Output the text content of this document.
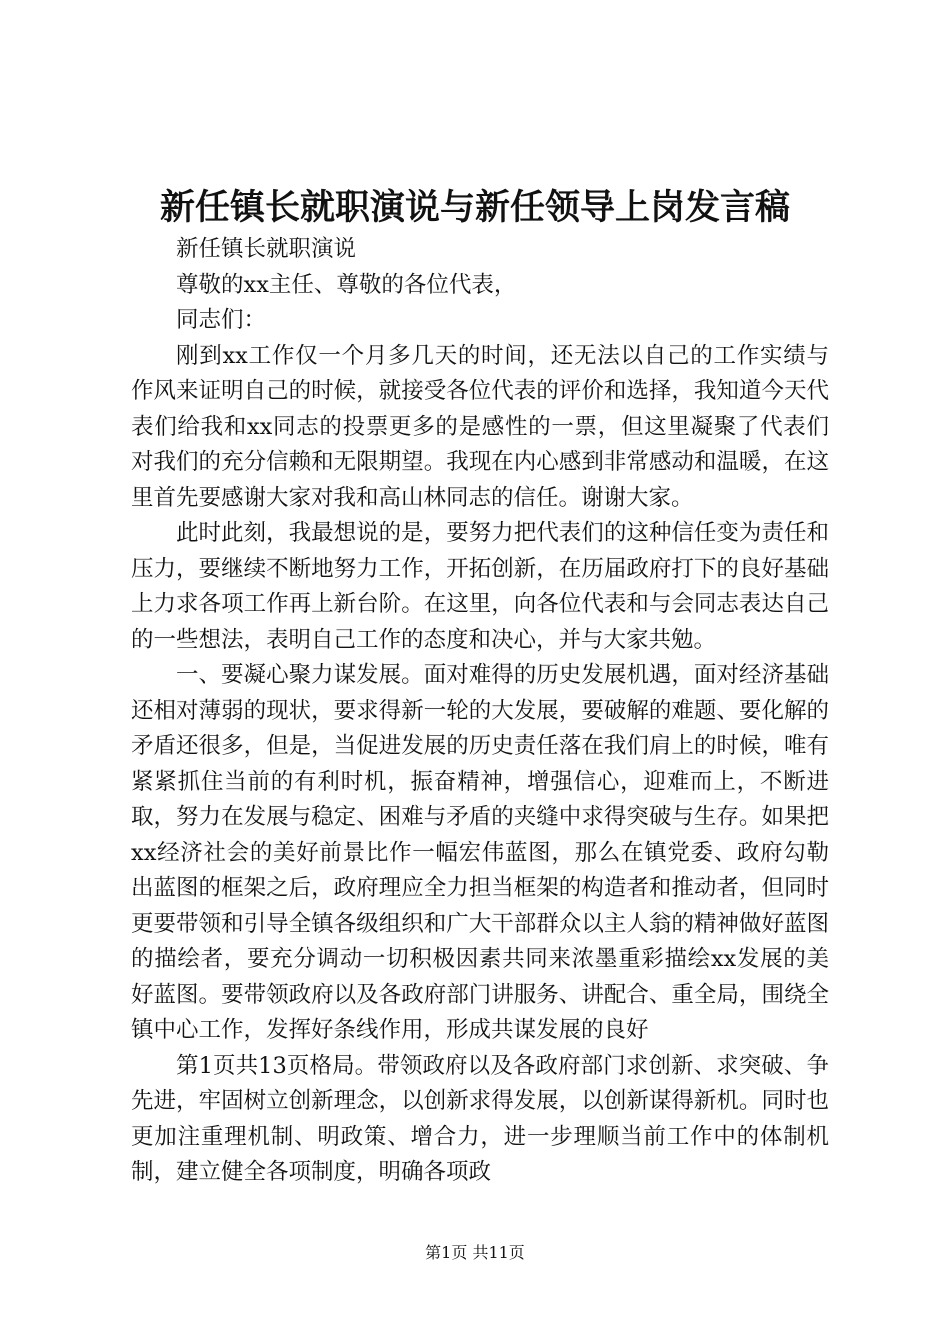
新任镇长就职演说与新任领导上岗发言稿

新任镇长就职演说

尊敬的xx主任、尊敬的各位代表，

同志们：

刚到xx工作仅一个月多几天的时间，还无法以自己的工作实绩与作风来证明自己的时候，就接受各位代表的评价和选择，我知道今天代表们给我和xx同志的投票更多的是感性的一票，但这里凝聚了代表们对我们的充分信赖和无限期望。我现在内心感到非常感动和温暖，在这里首先要感谢大家对我和高山林同志的信任。谢谢大家。

此时此刻，我最想说的是，要努力把代表们的这种信任变为责任和压力，要继续不断地努力工作，开拓创新，在历届政府打下的良好基础上力求各项工作再上新台阶。在这里，向各位代表和与会同志表达自己的一些想法，表明自己工作的态度和决心，并与大家共勉。

一、要凝心聚力谋发展。面对难得的历史发展机遇，面对经济基础还相对薄弱的现状，要求得新一轮的大发展，要破解的难题、要化解的矛盾还很多，但是，当促进发展的历史责任落在我们肩上的时候，唯有紧紧抓住当前的有利时机，振奋精神，增强信心，迎难而上，不断进取，努力在发展与稳定、困难与矛盾的夹缝中求得突破与生存。如果把xx经济社会的美好前景比作一幅宏伟蓝图，那么在镇党委、政府勾勒出蓝图的框架之后，政府理应全力担当框架的构造者和推动者，但同时更要带领和引导全镇各级组织和广大干部群众以主人翁的精神做好蓝图的描绘者，要充分调动一切积极因素共同来浓墨重彩描绘xx发展的美好蓝图。要带领政府以及各政府部门讲服务、讲配合、重全局，围绕全镇中心工作，发挥好条线作用，形成共谋发展的良好

第1页共13页格局。带领政府以及各政府部门求创新、求突破、争先进，牢固树立创新理念，以创新求得发展，以创新谋得新机。同时也更加注重理机制、明政策、增合力，进一步理顺当前工作中的体制机制，建立健全各项制度，明确各项政

第1页 共11页
